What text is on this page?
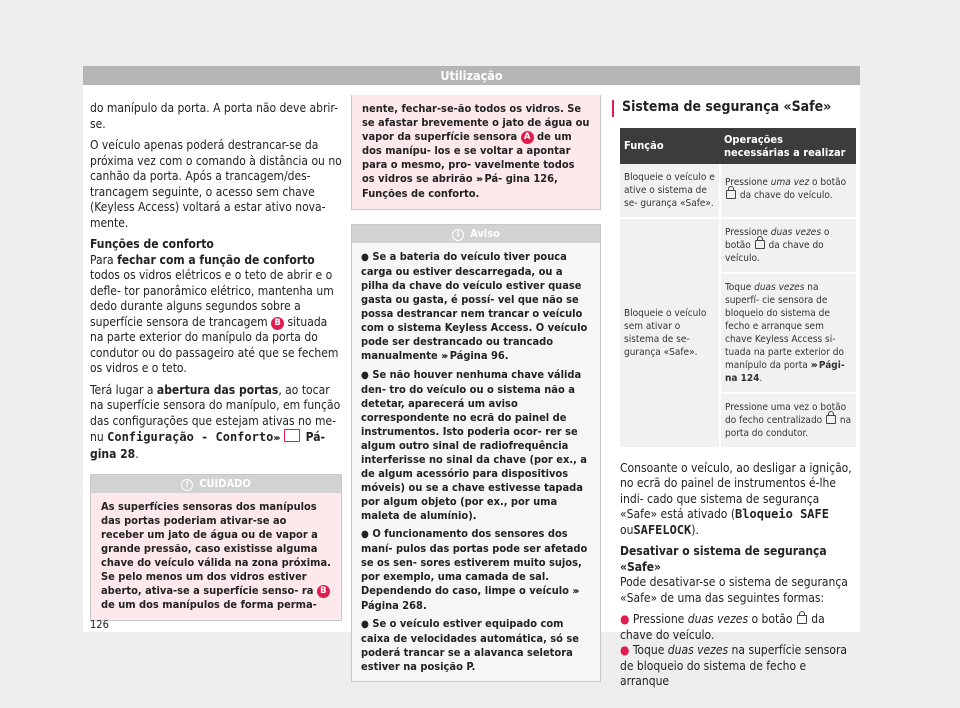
Utilização

do manípulo da porta. A porta não deve abrir-se.

O veículo apenas poderá destrancar-se da próxima vez com o comando à distância ou no canhão da porta. Após a trancagem/des- trancagem seguinte, o acesso sem chave (Keyless Access) voltará a estar ativo nova- mente.

Funções de conforto

Para fechar com a função de conforto todos os vidros elétricos e o teto de abrir e o defle- tor panorâmico elétrico, mantenha um dedo durante alguns segundos sobre a superfície sensora de trancagem B situada na parte exterior do manípulo da porta do condutor ou do passageiro até que se fechem os vidros e o teto.

Terá lugar a abertura das portas, ao tocar na superfície sensora do manípulo, em função das configurações que estejam ativas no me- nu Configuração - Conforto›››  Pá- gina 28.

! CUIDADO
As superfícies sensoras dos manípulos das portas poderiam ativar-se ao receber um jato de água ou de vapor a grande pressão, caso existisse alguma chave do veículo válida na zona próxima. Se pelo menos um dos vidros estiver aberto, ativa-se a superfície senso- ra B de um dos manípulos de forma perma-
nente, fechar-se-ão todos os vidros. Se se afastar brevemente o jato de água ou vapor da superfície sensora A de um dos manípu- los e se voltar a apontar para o mesmo, pro- vavelmente todos os vidros se abrirão ››› Pá- gina 126, Funções de conforto.
i Aviso
● Se a bateria do veículo tiver pouca carga ou estiver descarregada, ou a pilha da chave do veículo estiver quase gasta ou gasta, é possí- vel que não se possa destrancar nem trancar o veículo com o sistema Keyless Access. O veículo pode ser destrancado ou trancado manualmente ››› Página 96.
● Se não houver nenhuma chave válida den- tro do veículo ou o sistema não a detetar, aparecerá um aviso correspondente no ecrã do painel de instrumentos. Isto poderia ocor- rer se algum outro sinal de radiofrequência interferisse no sinal da chave (por ex., a de algum acessório para dispositivos móveis) ou se a chave estivesse tapada por algum objeto (por ex., por uma maleta de alumínio).
● O funcionamento dos sensores dos maní- pulos das portas pode ser afetado se os sen- sores estiverem muito sujos, por exemplo, uma camada de sal. Dependendo do caso, limpe o veículo ››› Página 268.
● Se o veículo estiver equipado com caixa de velocidades automática, só se poderá trancar se a alavanca seletora estiver na posição P.
Sistema de segurança «Safe»
Função	Operações necessárias a realizar
Bloqueie o veículo e ative o sistema de se- gurança «Safe».	Pressione uma vez o botão  da chave do veículo.
Bloqueie o veículo sem ativar o sistema de se- gurança «Safe».	Pressione duas vezes o botão  da chave do veículo.
	Toque duas vezes na superfí- cie sensora de bloqueio do sistema de fecho e arranque sem chave Keyless Access si- tuada na parte exterior do manípulo da porta ››› Pági- na 124.
	Pressione uma vez o botão do fecho centralizado  na porta do condutor.

Consoante o veículo, ao desligar a ignição, no ecrã do painel de instrumentos é-lhe indi- cado que sistema de segurança «Safe» está ativado (Bloqueio SAFE ouSAFELOCK).

Desativar o sistema de segurança «Safe»

Pode desativar-se o sistema de segurança «Safe» de uma das seguintes formas:

● Pressione duas vezes o botão  da chave do veículo.

● Toque duas vezes na superfície sensora de bloqueio do sistema de fecho e arranque

126
